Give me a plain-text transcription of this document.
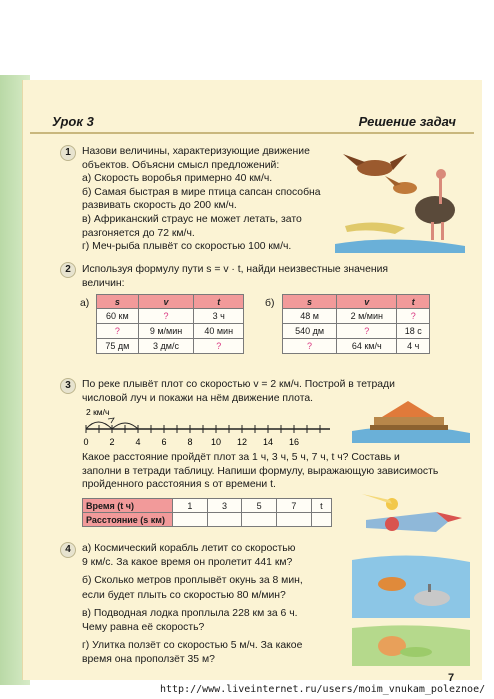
Урок 3	Решение задач
1	Назови величины, характеризующие движение
объектов. Объясни смысл предложений:
а) Скорость воробья примерно 40 км/ч.
б) Самая быстрая в мире птица сапсан способна
развивать скорость до 200 км/ч.
в) Африканский страус не может летать, зато
разгоняется до 72 км/ч.
г) Меч-рыба плывёт со скоростью 100 км/ч.
2	Используя формулу пути s = v · t, найди неизвестные значения
величин:
а)	s	v	t
60 км	?	3 ч
?	9 м/мин	40 мин
75 дм	3 дм/с	?
б)	s	v	t
48 м	2 м/мин	?
540 дм	?	18 с
?	64 км/ч	4 ч
3	По реке плывёт плот со скоростью v = 2 км/ч. Построй в тетради
числовой луч и покажи на нём движение плота.
2 км/ч
0 2 4 6 8 10 12 14 16
Какое расстояние пройдёт плот за 1 ч, 3 ч, 5 ч, 7 ч, t ч? Составь и
заполни в тетради таблицу. Напиши формулу, выражающую зависимость
пройденного расстояния s от времени t.
Время (t ч)	1	3	5	7	t
Расстояние (s км)					
4	а) Космический корабль летит со скоростью
9 км/с. За какое время он пролетит 441 км?
б) Сколько метров проплывёт окунь за 8 мин,
если будет плыть со скоростью 80 м/мин?
в) Подводная лодка проплыла 228 км за 6 ч.
Чему равна её скорость?
г) Улитка ползëт со скоростью 5 м/ч. За какое
время она проползёт 35 м?
7
http://www.liveinternet.ru/users/moim_vnukam_poleznoe/
